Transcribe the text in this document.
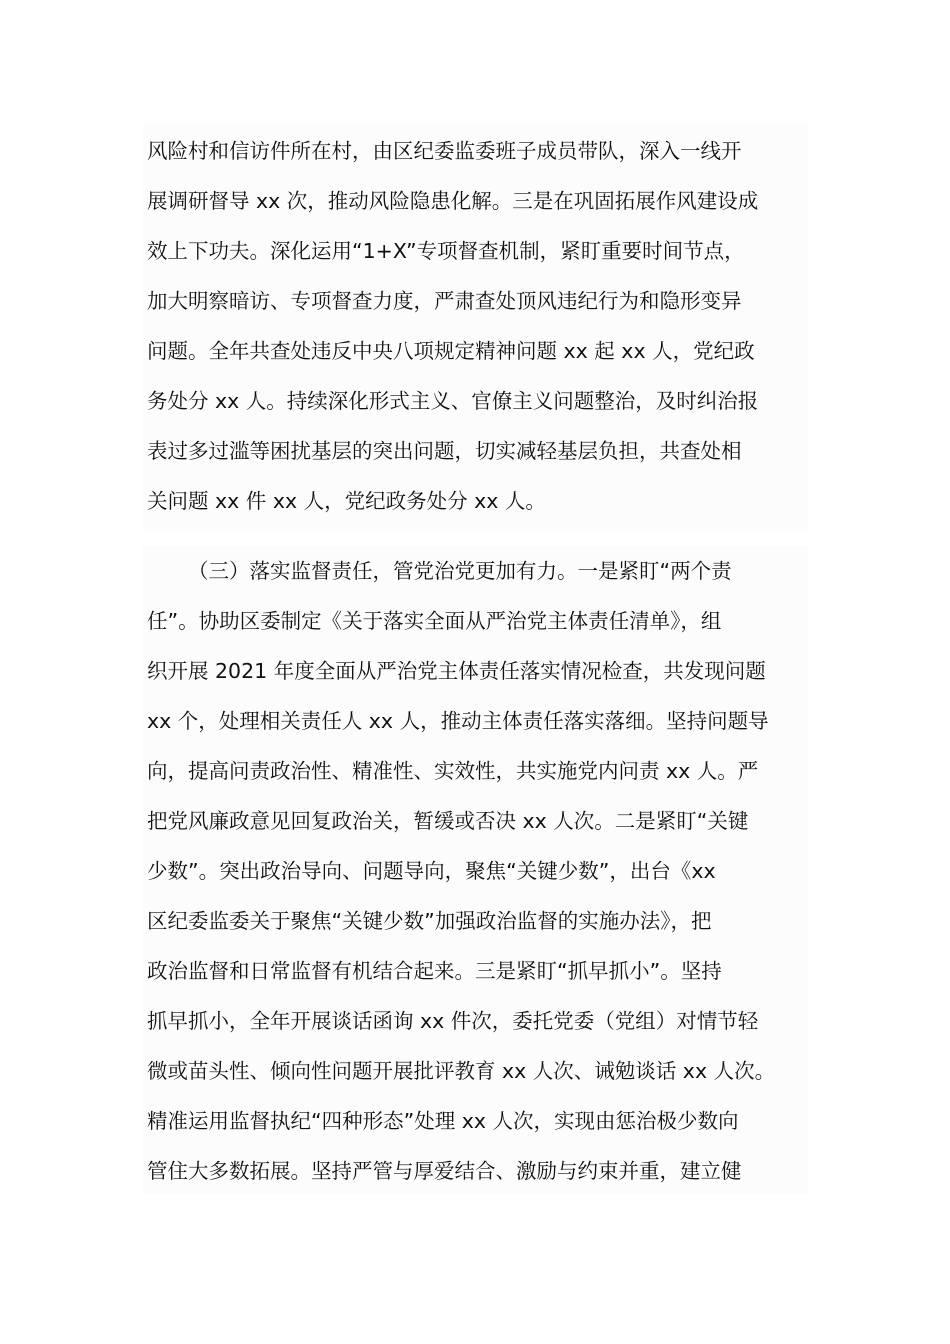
风险村和信访件所在村，由区纪委监委班子成员带队，深入一线开
展调研督导 xx 次，推动风险隐患化解。三是在巩固拓展作风建设成
效上下功夫。深化运用“1+X”专项督查机制，紧盯重要时间节点，
加大明察暗访、专项督查力度，严肃查处顶风违纪行为和隐形变异
问题。全年共查处违反中央八项规定精神问题 xx 起 xx 人，党纪政
务处分 xx 人。持续深化形式主义、官僚主义问题整治，及时纠治报
表过多过滥等困扰基层的突出问题，切实减轻基层负担，共查处相
关问题 xx 件 xx 人，党纪政务处分 xx 人。
（三）落实监督责任，管党治党更加有力。一是紧盯“两个责
任”。协助区委制定《关于落实全面从严治党主体责任清单》，组
织开展 2021 年度全面从严治党主体责任落实情况检查，共发现问题
xx 个，处理相关责任人 xx 人，推动主体责任落实落细。坚持问题导
向，提高问责政治性、精准性、实效性，共实施党内问责 xx 人。严
把党风廉政意见回复政治关，暂缓或否决 xx 人次。二是紧盯“关键
少数”。突出政治导向、问题导向，聚焦“关键少数”，出台《xx
区纪委监委关于聚焦“关键少数”加强政治监督的实施办法》，把
政治监督和日常监督有机结合起来。三是紧盯“抓早抓小”。坚持
抓早抓小，全年开展谈话函询 xx 件次，委托党委（党组）对情节轻
微或苗头性、倾向性问题开展批评教育 xx 人次、诫勉谈话 xx 人次。
精准运用监督执纪“四种形态”处理 xx 人次，实现由惩治极少数向
管住大多数拓展。坚持严管与厚爱结合、激励与约束并重，建立健
